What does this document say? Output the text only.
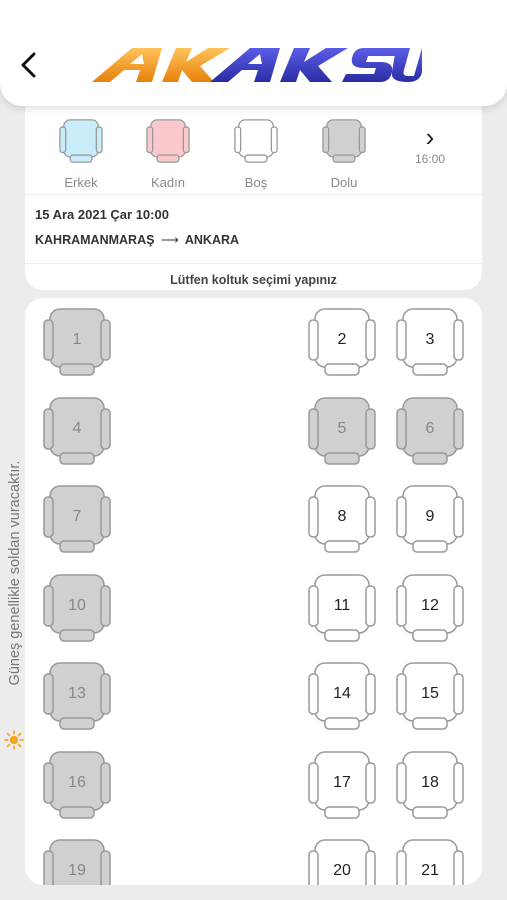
Erkek	Kadın	Boş	Dolu
›
16:00
15 Ara 2021 Çar 10:00
KAHRAMANMARAŞ ⟶ ANKARA
Lütfen koltuk seçimi yapınız
Güneş genellikle soldan vuracaktır.
1	2	3
4	5	6
7	8	9
10	11	12
13	14	15
16	17	18
19	20	21
